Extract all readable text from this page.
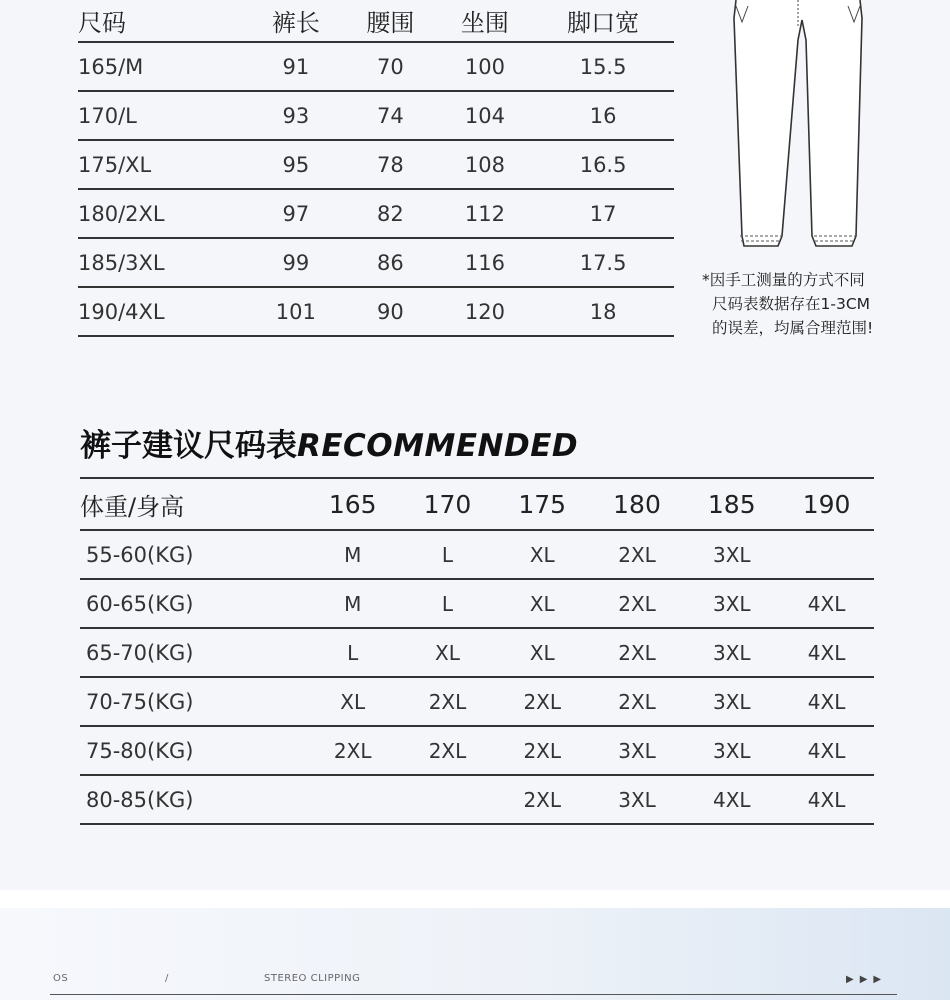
尺码	裤长	腰围	坐围	脚口宽
165/M	91	70	100	15.5
170/L	93	74	104	16
175/XL	95	78	108	16.5
180/2XL	97	82	112	17
185/3XL	99	86	116	17.5
190/4XL	101	90	120	18
*因手工测量的方式不同
尺码表数据存在1-3CM
的误差，均属合理范围!
裤子建议尺码表RECOMMENDED
体重/身高	165	170	175	180	185	190
55-60(KG)	M	L	XL	2XL	3XL	
60-65(KG)	M	L	XL	2XL	3XL	4XL
65-70(KG)	L	XL	XL	2XL	3XL	4XL
70-75(KG)	XL	2XL	2XL	2XL	3XL	4XL
75-80(KG)	2XL	2XL	2XL	3XL	3XL	4XL
80-85(KG)			2XL	3XL	4XL	4XL
OS	/	STEREO CLIPPING	▶▶▶
